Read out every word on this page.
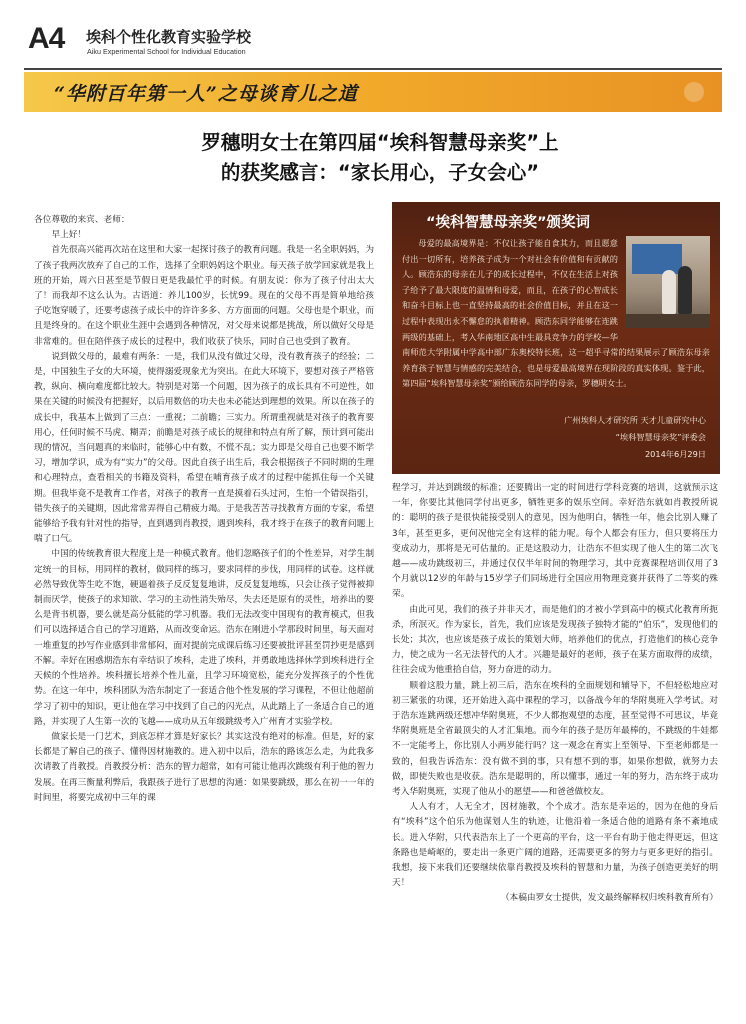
A4 埃科个性化教育实验学校
Aiku Experimental School for Individual Education
“华附百年第一人”之母谈育儿之道
罗穗明女士在第四届“埃科智慧母亲奖”上
的获奖感言：“家长用心，子女会心”

各位尊敬的来宾、老师：

早上好！

首先很高兴能再次站在这里和大家一起探讨孩子的教育问题。我是一名全职妈妈，为了孩子我两次放弃了自己的工作，选择了全职妈妈这个职业。每天孩子放学回家就是我上班的开始，周六日甚至是节假日更是我最忙乎的时候。有朋友说：你为了孩子付出太大了！而我却不这么认为。古语道：养儿100岁，长忧99。现在的父母不再是简单地给孩子吃饱穿暖了，还要考虑孩子成长中的许许多多、方方面面的问题。父母也是个职业，而且是终身的。在这个职业生涯中会遇到各种情况，对父母来说都是挑战，所以做好父母是非常难的。但在陪伴孩子成长的过程中，我们收获了快乐，同时自己也受到了教育。

说到做父母的，最难有两条：一是，我们从没有做过父母，没有教育孩子的经验；二是，中国独生子女的大环境，使得溺爱现象尤为突出。在此大环境下，要想对孩子严格管教，纵向、横向难度都比较大。特别是对第一个问题，因为孩子的成长具有不可逆性，如果在关键的时候没有把握好，以后用数倍的功夫也未必能达到理想的效果。所以在孩子的成长中，我基本上做到了三点：一重视；二前瞻；三实力。所谓重视就是对孩子的教育要用心，任何时候不马虎、糊弄；前瞻是对孩子成长的规律和特点有所了解，预计到可能出现的情况，当问题真的来临时，能够心中有数，不慌不乱；实力即是父母自己也要不断学习，增加学识，成为有“实力”的父母。因此自孩子出生后，我会根据孩子不同时期的生理和心理特点，查看相关的书籍及资料，希望在哺育孩子成才的过程中能抓住每一个关键期。但我毕竟不是教育工作者，对孩子的教育一直是摸着石头过河，生怕一个错误指引，错失孩子的关键期，因此常常弄得自己精疲力竭。于是我苦苦寻找教育方面的专家，希望能够给予我有针对性的指导，直到遇到肖教授，遇到埃科，我才终于在孩子的教育问题上喘了口气。

中国的传统教育很大程度上是一种模式教育。他们忽略孩子们的个性差异，对学生制定统一的目标，用同样的教材，做同样的练习，要求同样的步伐，用同样的试卷。这样就必然导致优等生吃不饱，硬逼着孩子反反复复地讲，反反复复地练，只会让孩子觉得被抑制而厌学，使孩子的求知欲、学习的主动性消失殆尽，失去还是原有的灵性，培养出的要么是背书机器，要么就是高分低能的学习机器。我们无法改变中国现有的教育模式，但我们可以选择适合自己的学习道路，从而改变命运。浩东在刚进小学那段时间里，每天面对一堆重复的抄写作业感到非常郁闷，面对提前完成课后练习还要被批评甚至罚抄更是感到不解。幸好在困惑期浩东有幸结识了埃科，走进了埃科，并勇敢地选择休学到埃科进行全天候的个性培养。埃科擅长培养个性儿童，且学习环境宽松，能充分发挥孩子的个性优势。在这一年中，埃科团队为浩东制定了一套适合他个性发展的学习课程，不但让他超前学习了初中的知识，更让他在学习中找到了自己的闪光点，从此踏上了一条适合自己的道路，并实现了人生第一次的飞越——成功从五年级跳级考入广州育才实验学校。

做家长是一门艺术，到底怎样才算是好家长？其实这没有绝对的标准。但是，好的家长都是了解自己的孩子、懂得因材施教的。进入初中以后，浩东的路该怎么走，为此我多次请教了肖教授。肖教授分析：浩东的智力超常，如有可能让他再次跳级有利于他的智力发展。在再三衡量利弊后，我跟孩子进行了思想的沟通：如果要跳级，那么在初一一年的时间里，将要完成初中三年的课

“埃科智慧母亲奖”颁奖词

母爱的最高境界是：不仅让孩子能自食其力，而且愿意付出一切所有，培养孩子成为一个对社会有价值和有贡献的人。顾浩东的母亲在儿子的成长过程中，不仅在生活上对孩子给予了最大限度的温情和母爱，而且，在孩子的心智成长和奋斗目标上也一直坚持最高的社会价值目标，并且在这一过程中表现出永不懈怠的执着精神。顾浩东同学能够在连跳两级的基础上，考入华南地区高中生最具竞争力的学校—华南师范大学附属中学高中部广东奥校特长班，这一超乎寻常的结果展示了顾浩东母亲养育孩子智慧与情感的完美结合，也是母爱最高境界在现阶段的真实体现。鉴于此，第四届“埃科智慧母亲奖”颁给顾浩东同学的母亲，罗穗明女士。

广州埃科人才研究所 天才儿童研究中心
“埃科智慧母亲奖”评委会
2014年6月29日

程学习，并达到跳级的标准；还要腾出一定的时间进行学科竞赛的培训，这就预示这一年，你要比其他同学付出更多，牺牲更多的娱乐空间。幸好浩东就如肖教授所说的：聪明的孩子是很快能接受别人的意见，因为他明白，牺牲一年，他会比别人赚了3年，甚至更多，更何况他完全有这样的能力呢。每个人都会有压力，但只要将压力变成动力，那将是无可估量的。正是这股动力，让浩东不但实现了他人生的第二次飞越——成功跳级初三，并通过仅仅半年时间的物理学习，其中竞赛课程培训仅用了3个月就以12岁的年龄与15岁学子们同场进行全国应用物理竞赛并获得了二等奖的殊荣。

由此可见，我们的孩子并非天才，而是他们的才被小学到高中的模式化教育所扼杀，所泯灭。作为家长，首先，我们应该是发现孩子独特才能的“伯乐”，发现他们的长处；其次，也应该是孩子成长的策划大师，培养他们的优点，打造他们的核心竞争力，使之成为一名无法替代的人才。兴趣是最好的老师，孩子在某方面取得的成绩，往往会成为他重拾自信，努力奋进的动力。

顺着这股力量，跳上初三后，浩东在埃科的全面规划和辅导下，不但轻松地应对初三紧张的功课，还开始进入高中课程的学习，以备战今年的华附奥班入学考试。对于浩东连跳两级还想冲华附奥班，不少人都抱观望的态度，甚至觉得不可思议，毕竟华附奥班是全省最顶尖的人才汇集地。而今年的孩子是历年最棒的，不跳级的牛娃都不一定能考上，你比别人小两岁能行吗？这一观念在育实上至领导、下至老师都是一致的，但我告诉浩东：没有做不到的事，只有想不到的事，如果你想做，就努力去做，即使失败也是收获。浩东是聪明的，所以懂事，通过一年的努力，浩东终于成功考入华附奥班，实现了他从小的愿望——和爸爸做校友。

人人有才，人无全才，因材施教，个个成才。浩东是幸运的，因为在他的身后有“埃科”这个伯乐为他谋划人生的轨迹，让他沿着一条适合他的道路有条不紊地成长。进入华附，只代表浩东上了一个更高的平台，这一平台有助于他走得更远，但这条路也是崎岖的，要走出一条更广阔的道路，还需要更多的努力与更多更好的指引。我想，接下来我们还要继续依靠肖教授及埃科的智慧和力量，为孩子创造更美好的明天！

（本稿由罗女士提供，发文最终解释权归埃科教育所有）
